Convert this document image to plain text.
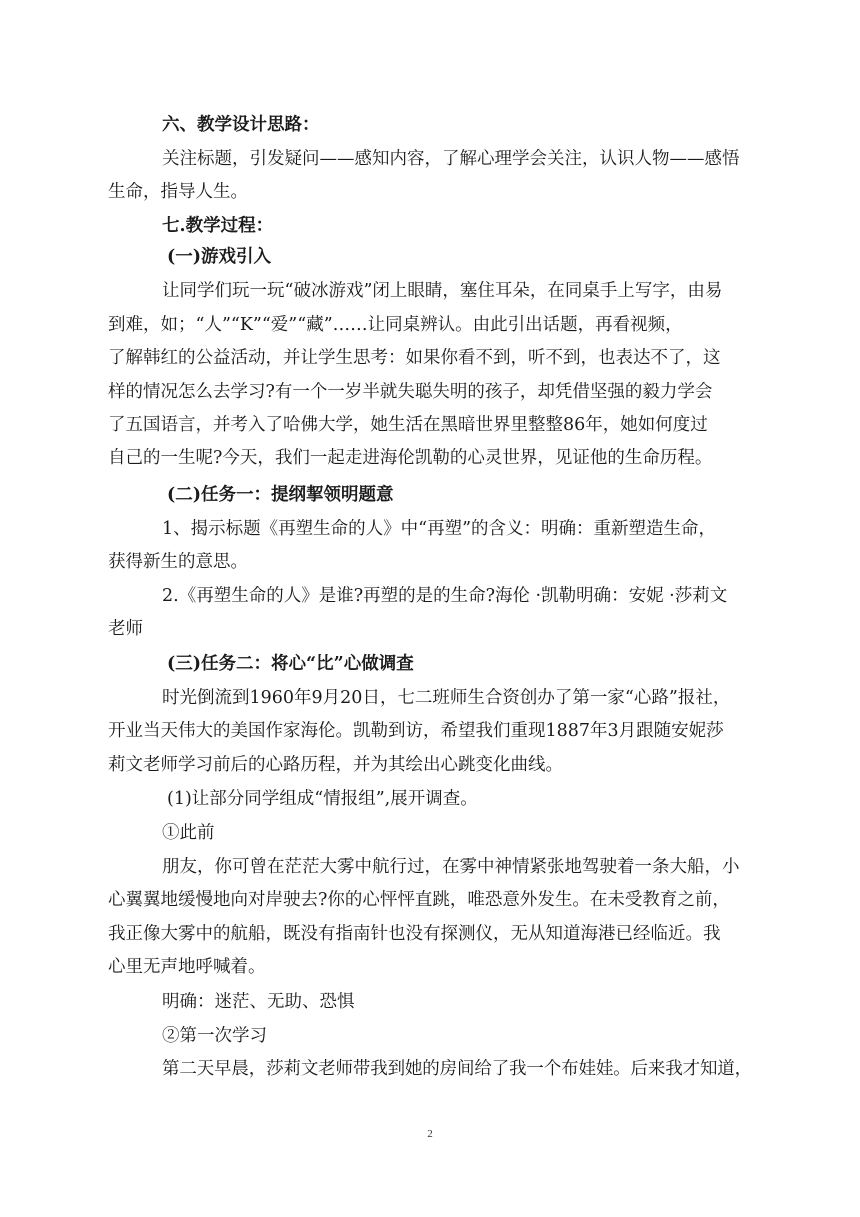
六、教学设计思路：
关注标题，引发疑问——感知内容，了解心理学会关注，认识人物——感悟
生命，指导人生。
七.教学过程：
(一)游戏引入
让同学们玩一玩“破冰游戏”闭上眼睛，塞住耳朵，在同桌手上写字，由易
到难，如；“人”“K”“爱”“藏”……让同桌辨认。由此引出话题，再看视频，
了解韩红的公益活动，并让学生思考：如果你看不到，听不到，也表达不了，这
样的情况怎么去学习?有一个一岁半就失聪失明的孩子，却凭借坚强的毅力学会
了五国语言，并考入了哈佛大学，她生活在黑暗世界里整整86年，她如何度过
自己的一生呢?今天，我们一起走进海伦凯勒的心灵世界，见证他的生命历程。
(二)任务一：提纲挈领明题意
1、揭示标题《再塑生命的人》中“再塑”的含义：明确：重新塑造生命，
获得新生的意思。
2.《再塑生命的人》是谁?再塑的是的生命?海伦 ·凯勒明确：安妮 ·莎莉文
老师
(三)任务二：将心“比”心做调查
时光倒流到1960年9月20日，七二班师生合资创办了第一家“心路”报社，
开业当天伟大的美国作家海伦。凯勒到访，希望我们重现1887年3月跟随安妮莎
莉文老师学习前后的心路历程，并为其绘出心跳变化曲线。
(1)让部分同学组成“情报组”,展开调查。
①此前
朋友，你可曾在茫茫大雾中航行过，在雾中神情紧张地驾驶着一条大船，小
心翼翼地缓慢地向对岸驶去?你的心怦怦直跳，唯恐意外发生。在未受教育之前，
我正像大雾中的航船，既没有指南针也没有探测仪，无从知道海港已经临近。我
心里无声地呼喊着。
明确：迷茫、无助、恐惧
②第一次学习
第二天早晨，莎莉文老师带我到她的房间给了我一个布娃娃。后来我才知道，
2
